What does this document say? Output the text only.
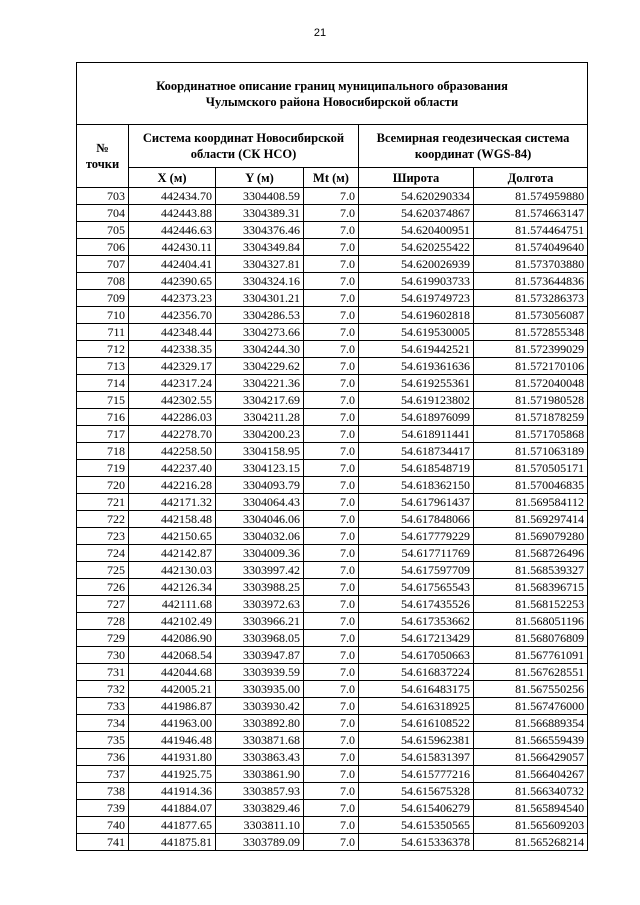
21
Координатное описание границ муниципального образования
Чулымского района Новосибирской области					

№
точки	Система координат Новосибирской области (СК НСО)			Всемирная геодезическая система координат (WGS-84)	
	X (м)	Y (м)	Mt (м)	Широта	Долгота
703	442434.70	3304408.59	7.0	54.620290334	81.574959880
704	442443.88	3304389.31	7.0	54.620374867	81.574663147
705	442446.63	3304376.46	7.0	54.620400951	81.574464751
706	442430.11	3304349.84	7.0	54.620255422	81.574049640
707	442404.41	3304327.81	7.0	54.620026939	81.573703880
708	442390.65	3304324.16	7.0	54.619903733	81.573644836
709	442373.23	3304301.21	7.0	54.619749723	81.573286373
710	442356.70	3304286.53	7.0	54.619602818	81.573056087
711	442348.44	3304273.66	7.0	54.619530005	81.572855348
712	442338.35	3304244.30	7.0	54.619442521	81.572399029
713	442329.17	3304229.62	7.0	54.619361636	81.572170106
714	442317.24	3304221.36	7.0	54.619255361	81.572040048
715	442302.55	3304217.69	7.0	54.619123802	81.571980528
716	442286.03	3304211.28	7.0	54.618976099	81.571878259
717	442278.70	3304200.23	7.0	54.618911441	81.571705868
718	442258.50	3304158.95	7.0	54.618734417	81.571063189
719	442237.40	3304123.15	7.0	54.618548719	81.570505171
720	442216.28	3304093.79	7.0	54.618362150	81.570046835
721	442171.32	3304064.43	7.0	54.617961437	81.569584112
722	442158.48	3304046.06	7.0	54.617848066	81.569297414
723	442150.65	3304032.06	7.0	54.617779229	81.569079280
724	442142.87	3304009.36	7.0	54.617711769	81.568726496
725	442130.03	3303997.42	7.0	54.617597709	81.568539327
726	442126.34	3303988.25	7.0	54.617565543	81.568396715
727	442111.68	3303972.63	7.0	54.617435526	81.568152253
728	442102.49	3303966.21	7.0	54.617353662	81.568051196
729	442086.90	3303968.05	7.0	54.617213429	81.568076809
730	442068.54	3303947.87	7.0	54.617050663	81.567761091
731	442044.68	3303939.59	7.0	54.616837224	81.567628551
732	442005.21	3303935.00	7.0	54.616483175	81.567550256
733	441986.87	3303930.42	7.0	54.616318925	81.567476000
734	441963.00	3303892.80	7.0	54.616108522	81.566889354
735	441946.48	3303871.68	7.0	54.615962381	81.566559439
736	441931.80	3303863.43	7.0	54.615831397	81.566429057
737	441925.75	3303861.90	7.0	54.615777216	81.566404267
738	441914.36	3303857.93	7.0	54.615675328	81.566340732
739	441884.07	3303829.46	7.0	54.615406279	81.565894540
740	441877.65	3303811.10	7.0	54.615350565	81.565609203
741	441875.81	3303789.09	7.0	54.615336378	81.565268214
